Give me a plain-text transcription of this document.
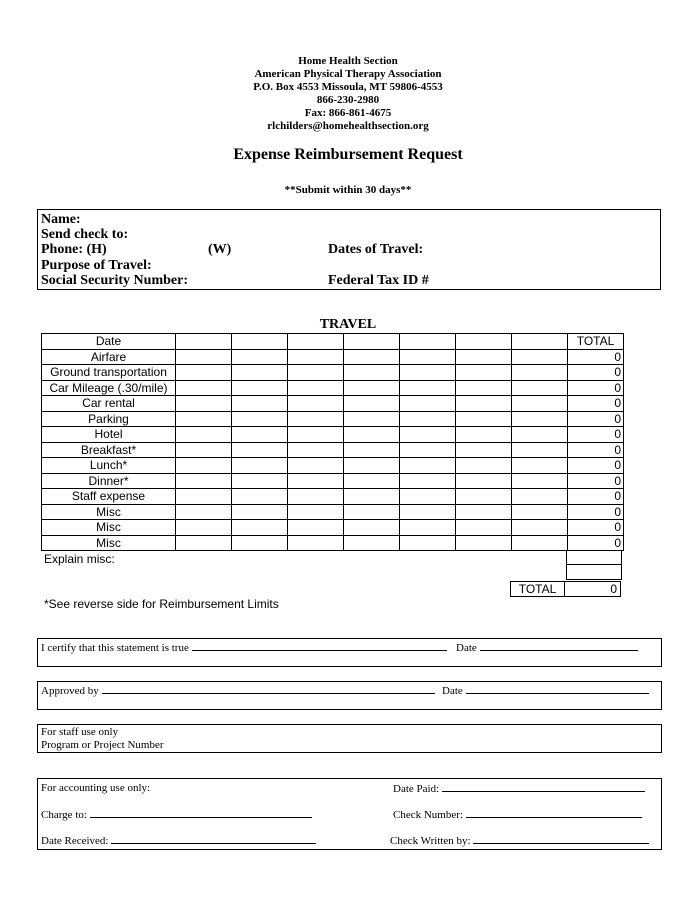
Home Health Section
American Physical Therapy Association
P.O. Box 4553 Missoula, MT 59806-4553
866-230-2980
Fax: 866-861-4675
rlchilders@homehealthsection.org
Expense Reimbursement Request
**Submit within 30 days**
Name:
Send check to:
Phone: (H)	(W)	Dates of Travel:
Purpose of Travel:
Social Security Number:	Federal Tax ID #
TRAVEL
Date								TOTAL
Airfare								0
Ground transportation								0
Car Mileage (.30/mile)								0
Car rental								0
Parking								0
Hotel								0
Breakfast*								0
Lunch*								0
Dinner*								0
Staff expense								0
Misc								0
Misc								0
Misc								0
Explain misc:
TOTAL	0
*See reverse side for Reimbursement Limits
I certify that this statement is true	Date
Approved by	Date
For staff use only
Program or Project Number
For accounting use only:	Date Paid:
Charge to:	Check Number:
Date Received:	Check Written by:
